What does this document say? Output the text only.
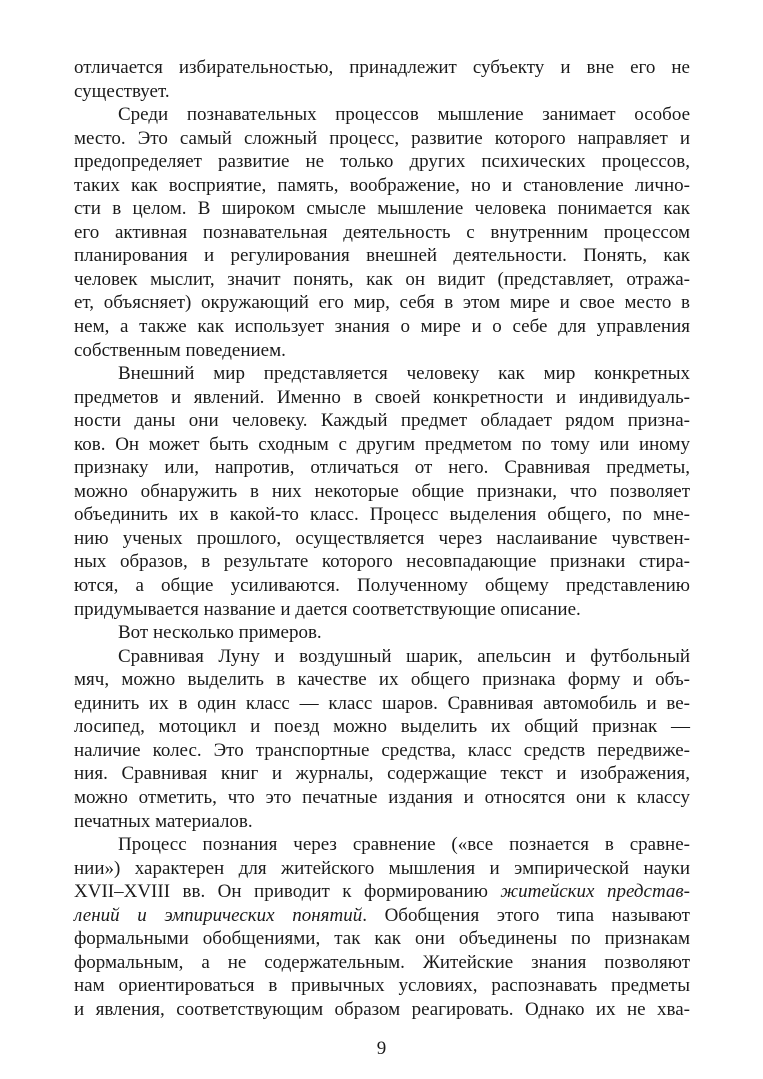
отличается избирательностью, принадлежит субъекту и вне его не
существует.
Среди познавательных процессов мышление занимает особое
место. Это самый сложный процесс, развитие которого направляет и
предопределяет развитие не только других психических процессов,
таких как восприятие, память, воображение, но и становление лично-
сти в целом. В широком смысле мышление человека понимается как
его активная познавательная деятельность с внутренним процессом
планирования и регулирования внешней деятельности. Понять, как
человек мыслит, значит понять, как он видит (представляет, отража-
ет, объясняет) окружающий его мир, себя в этом мире и свое место в
нем, а также как использует знания о мире и о себе для управления
собственным поведением.
Внешний мир представляется человеку как мир конкретных
предметов и явлений. Именно в своей конкретности и индивидуаль-
ности даны они человеку. Каждый предмет обладает рядом призна-
ков. Он может быть сходным с другим предметом по тому или иному
признаку или, напротив, отличаться от него. Сравнивая предметы,
можно обнаружить в них некоторые общие признаки, что позволяет
объединить их в какой-то класс. Процесс выделения общего, по мне-
нию ученых прошлого, осуществляется через наслаивание чувствен-
ных образов, в результате которого несовпадающие признаки стира-
ются, а общие усиливаются. Полученному общему представлению
придумывается название и дается соответствующие описание.
Вот несколько примеров.
Сравнивая Луну и воздушный шарик, апельсин и футбольный
мяч, можно выделить в качестве их общего признака форму и объ-
единить их в один класс — класс шаров. Сравнивая автомобиль и ве-
лосипед, мотоцикл и поезд можно выделить их общий признак —
наличие колес. Это транспортные средства, класс средств передвиже-
ния. Сравнивая книг и журналы, содержащие текст и изображения,
можно отметить, что это печатные издания и относятся они к классу
печатных материалов.
Процесс познания через сравнение («все познается в сравне-
нии») характерен для житейского мышления и эмпирической науки
XVII–XVIII вв. Он приводит к формированию житейских представ-
лений и эмпирических понятий. Обобщения этого типа называют
формальными обобщениями, так как они объединены по признакам
формальным, а не содержательным. Житейские знания позволяют
нам ориентироваться в привычных условиях, распознавать предметы
и явления, соответствующим образом реагировать. Однако их не хва-
9
